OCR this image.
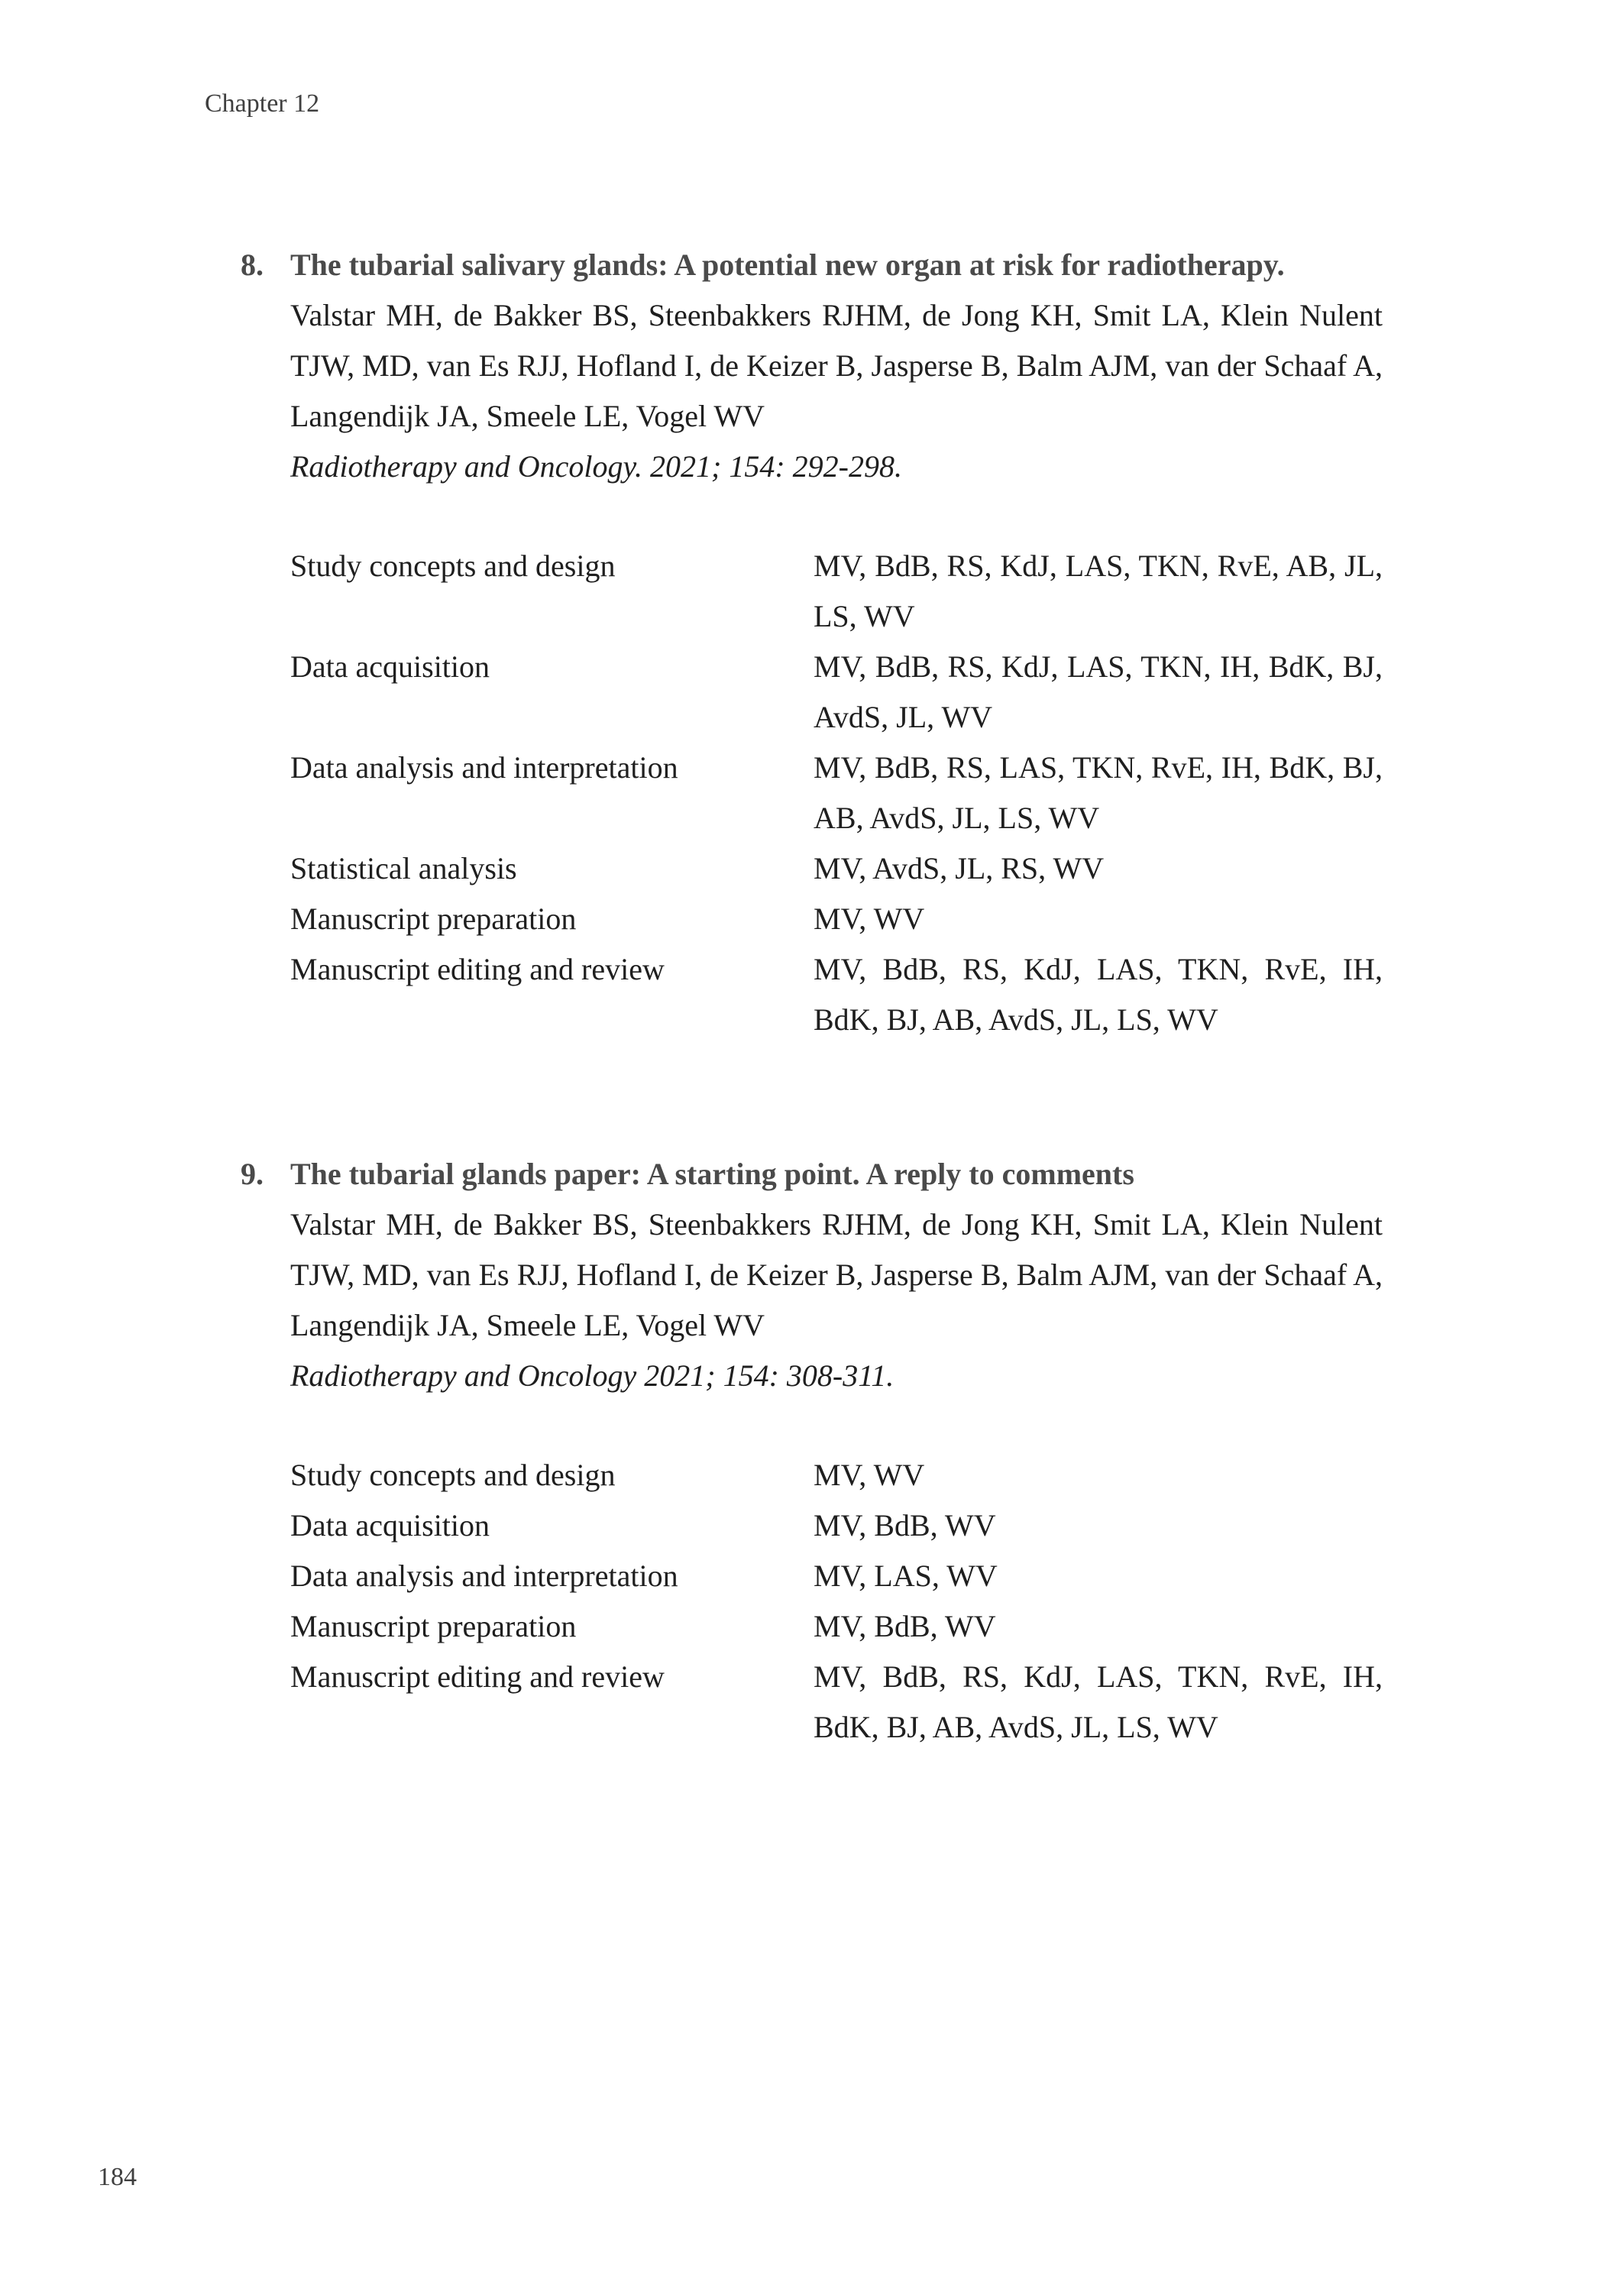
Chapter 12
8. The tubarial salivary glands: A potential new organ at risk for radiotherapy.
Valstar MH, de Bakker BS, Steenbakkers RJHM, de Jong KH, Smit LA, Klein Nulent TJW, MD, van Es RJJ, Hofland I, de Keizer B, Jasperse B, Balm AJM, van der Schaaf A, Langendijk JA, Smeele LE, Vogel WV
Radiotherapy and Oncology. 2021; 154: 292-298.
Study concepts and design	MV, BdB, RS, KdJ, LAS, TKN, RvE, AB, JL, LS, WV
Data acquisition	MV, BdB, RS, KdJ, LAS, TKN, IH, BdK, BJ, AvdS, JL, WV
Data analysis and interpretation	MV, BdB, RS, LAS, TKN, RvE, IH, BdK, BJ, AB, AvdS, JL, LS, WV
Statistical analysis	MV, AvdS, JL, RS, WV
Manuscript preparation	MV, WV
Manuscript editing and review	MV, BdB, RS, KdJ, LAS, TKN, RvE, IH, BdK, BJ, AB, AvdS, JL, LS, WV
9. The tubarial glands paper: A starting point. A reply to comments
Valstar MH, de Bakker BS, Steenbakkers RJHM, de Jong KH, Smit LA, Klein Nulent TJW, MD, van Es RJJ, Hofland I, de Keizer B, Jasperse B, Balm AJM, van der Schaaf A, Langendijk JA, Smeele LE, Vogel WV
Radiotherapy and Oncology 2021; 154: 308-311.
Study concepts and design	MV, WV
Data acquisition	MV, BdB, WV
Data analysis and interpretation	MV, LAS, WV
Manuscript preparation	MV, BdB, WV
Manuscript editing and review	MV, BdB, RS, KdJ, LAS, TKN, RvE, IH, BdK, BJ, AB, AvdS, JL, LS, WV
184
